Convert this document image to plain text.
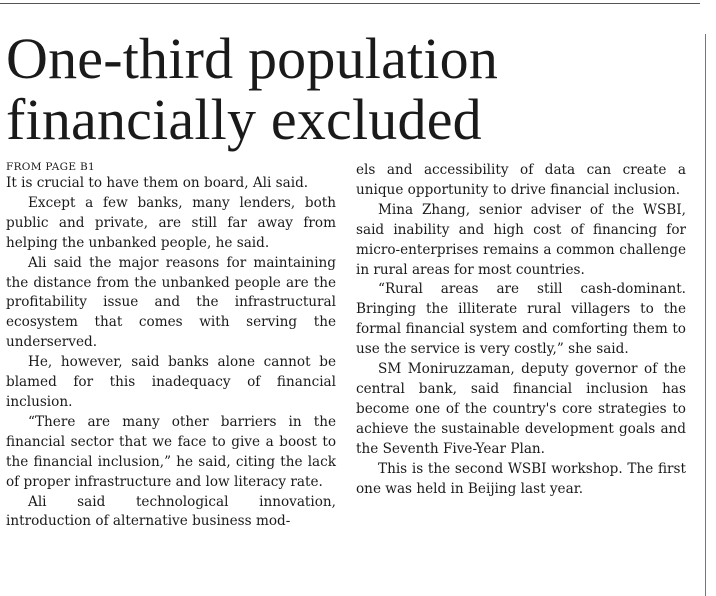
One-third population
financially excluded
FROM PAGE B1

It is crucial to have them on board, Ali said.

Except a few banks, many lenders, both public and private, are still far away from helping the unbanked people, he said.

Ali said the major reasons for maintaining the distance from the unbanked people are the profitability issue and the infrastructural ecosystem that comes with serving the underserved.

He, however, said banks alone cannot be blamed for this inadequacy of financial inclusion.

“There are many other barriers in the financial sector that we face to give a boost to the financial inclusion,” he said, citing the lack of proper infrastructure and low literacy rate.

Ali said technological innovation, introduction of alternative business mod-

els and accessibility of data can create a unique opportunity to drive financial inclusion.

Mina Zhang, senior adviser of the WSBI, said inability and high cost of financing for micro-enterprises remains a common challenge in rural areas for most countries.

“Rural areas are still cash-dominant. Bringing the illiterate rural villagers to the formal financial system and comforting them to use the service is very costly,” she said.

SM Moniruzzaman, deputy governor of the central bank, said financial inclusion has become one of the country's core strategies to achieve the sustainable development goals and the Seventh Five-Year Plan.

This is the second WSBI workshop. The first one was held in Beijing last year.
